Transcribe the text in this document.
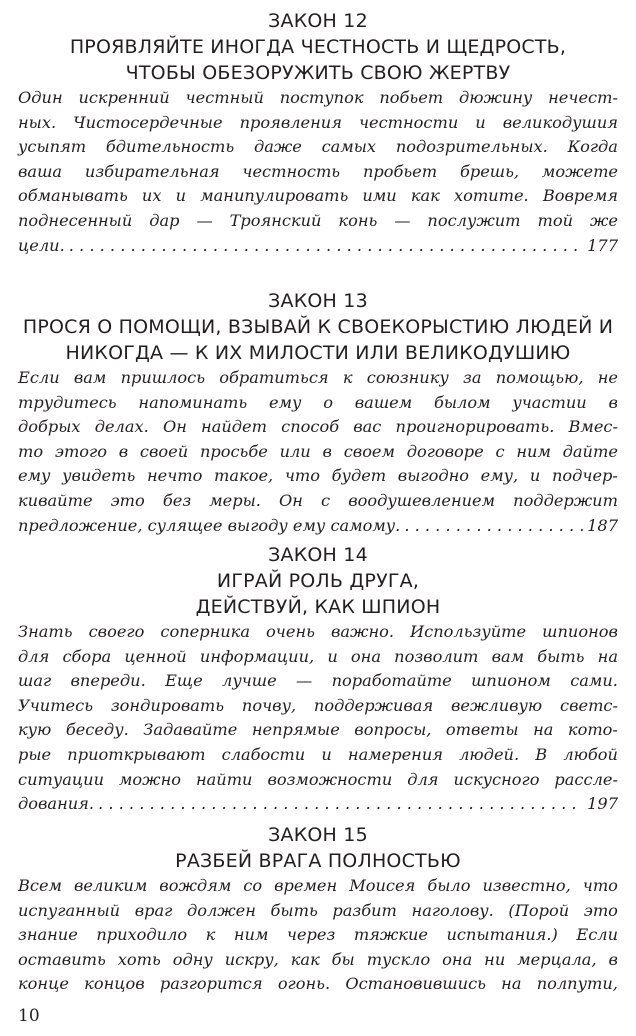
ЗАКОН 12
ПРОЯВЛЯЙТЕ ИНОГДА ЧЕСТНОСТЬ И ЩЕДРОСТЬ,
ЧТОБЫ ОБЕЗОРУЖИТЬ СВОЮ ЖЕРТВУ
Один искренний честный поступок побьет дюжину нечест-
ных. Чистосердечные проявления честности и великодушия
усыпят бдительность даже самых подозрительных. Когда
ваша избирательная честность пробьет брешь, можете
обманывать их и манипулировать ими как хотите. Вовремя
поднесенный дар — Троянский конь — послужит той же
цели. . . .	177
ЗАКОН 13
ПРОСЯ О ПОМОЩИ, ВЗЫВАЙ К СВОЕКОРЫСТИЮ ЛЮДЕЙ И
НИКОГДА — К ИХ МИЛОСТИ ИЛИ ВЕЛИКОДУШИЮ
Если вам пришлось обратиться к союзнику за помощью, не
трудитесь напоминать ему о вашем былом участии в
добрых делах. Он найдет способ вас проигнорировать. Вмес-
то этого в своей просьбе или в своем договоре с ним дайте
ему увидеть нечто такое, что будет выгодно ему, и подчер-
кивайте это без меры. Он с воодушевлением поддержит
предложение, сулящее выгоду ему самому. . . .	187
ЗАКОН 14
ИГРАЙ РОЛЬ ДРУГА,
ДЕЙСТВУЙ, КАК ШПИОН
Знать своего соперника очень важно. Используйте шпионов
для сбора ценной информации, и она позволит вам быть на
шаг впереди. Еще лучше — поработайте шпионом сами.
Учитесь зондировать почву, поддерживая вежливую светс-
кую беседу. Задавайте непрямые вопросы, ответы на кото-
рые приоткрывают слабости и намерения людей. В любой
ситуации можно найти возможности для искусного рассле-
дования. . . .	197
ЗАКОН 15
РАЗБЕЙ ВРАГА ПОЛНОСТЬЮ
Всем великим вождям со времен Моисея было известно, что
испуганный враг должен быть разбит наголову. (Порой это
знание приходило к ним через тяжкие испытания.) Если
оставить хоть одну искру, как бы тускло она ни мерцала, в
конце концов разгорится огонь. Остановившись на полпути,
10
